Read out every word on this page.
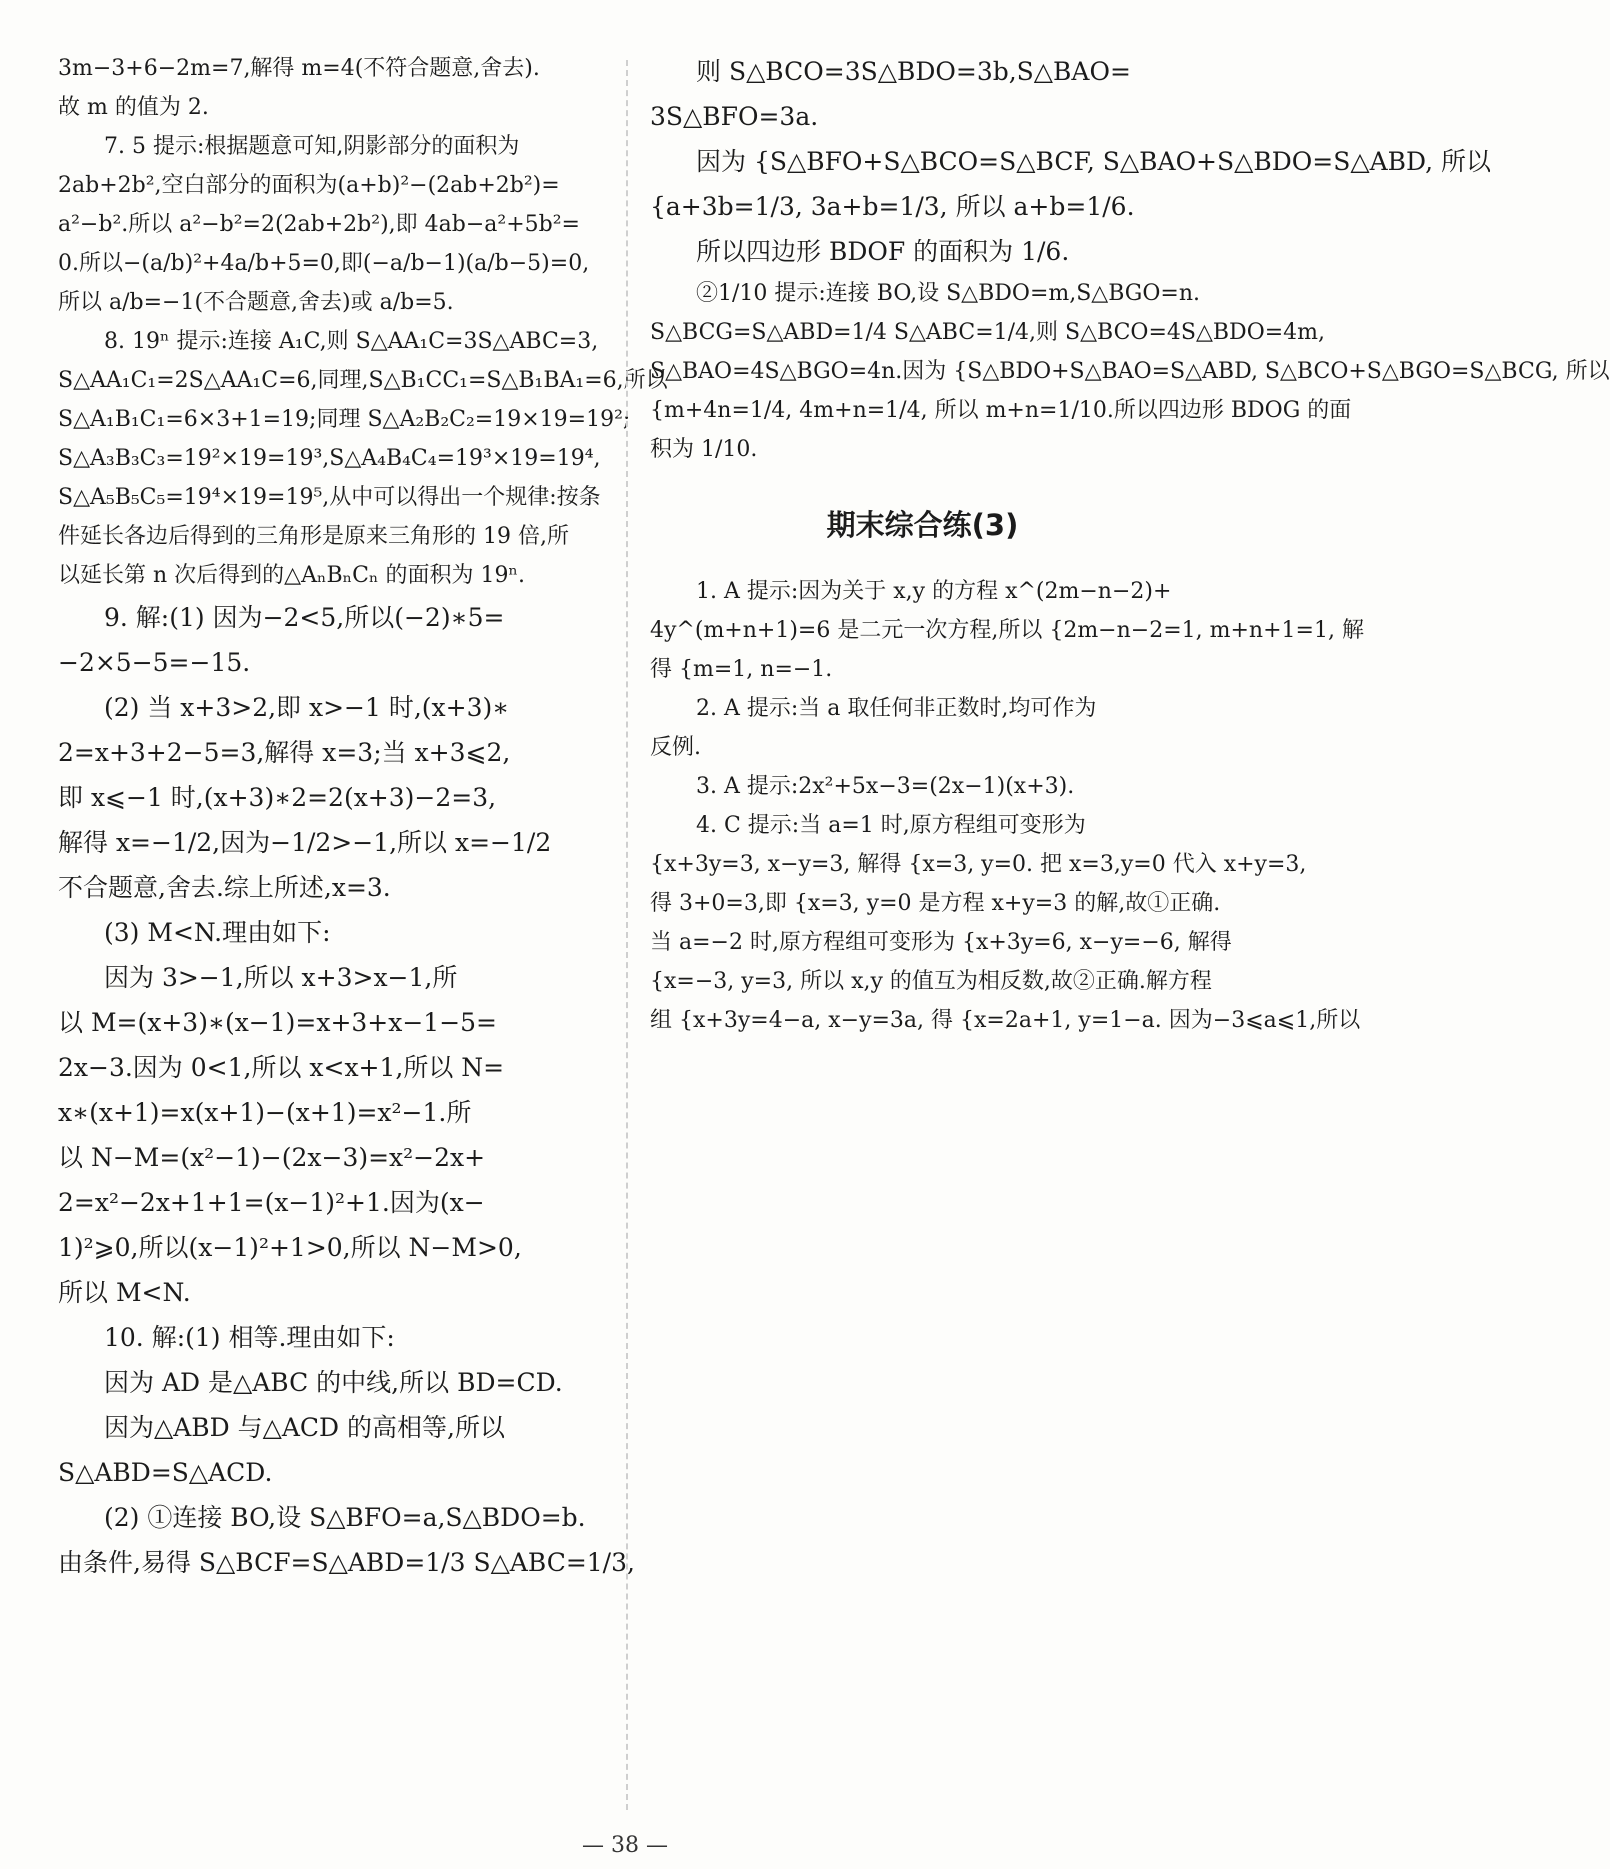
3m−3+6−2m=7,解得 m=4(不符合题意,舍去).
故 m 的值为 2.
7. 5 提示:根据题意可知,阴影部分的面积为
2ab+2b²,空白部分的面积为(a+b)²−(2ab+2b²)=
a²−b².所以 a²−b²=2(2ab+2b²),即 4ab−a²+5b²=
0.所以−(a/b)²+4a/b+5=0,即(−a/b−1)(a/b−5)=0,
所以 a/b=−1(不合题意,舍去)或 a/b=5.
8. 19ⁿ 提示:连接 A₁C,则 S△AA₁C=3S△ABC=3,
S△AA₁C₁=2S△AA₁C=6,同理,S△B₁CC₁=S△B₁BA₁=6,所以
S△A₁B₁C₁=6×3+1=19;同理 S△A₂B₂C₂=19×19=19²;
S△A₃B₃C₃=19²×19=19³,S△A₄B₄C₄=19³×19=19⁴,
S△A₅B₅C₅=19⁴×19=19⁵,从中可以得出一个规律:按条
件延长各边后得到的三角形是原来三角形的 19 倍,所
以延长第 n 次后得到的△AₙBₙCₙ 的面积为 19ⁿ.
9. 解:(1) 因为−2<5,所以(−2)∗5=
−2×5−5=−15.
(2) 当 x+3>2,即 x>−1 时,(x+3)∗
2=x+3+2−5=3,解得 x=3;当 x+3⩽2,
即 x⩽−1 时,(x+3)∗2=2(x+3)−2=3,
解得 x=−1/2,因为−1/2>−1,所以 x=−1/2
不合题意,舍去.综上所述,x=3.
(3) M<N.理由如下:
因为 3>−1,所以 x+3>x−1,所
以 M=(x+3)∗(x−1)=x+3+x−1−5=
2x−3.因为 0<1,所以 x<x+1,所以 N=
x∗(x+1)=x(x+1)−(x+1)=x²−1.所
以 N−M=(x²−1)−(2x−3)=x²−2x+
2=x²−2x+1+1=(x−1)²+1.因为(x−
1)²⩾0,所以(x−1)²+1>0,所以 N−M>0,
所以 M<N.
10. 解:(1) 相等.理由如下:
因为 AD 是△ABC 的中线,所以 BD=CD.
因为△ABD 与△ACD 的高相等,所以
S△ABD=S△ACD.
(2) ①连接 BO,设 S△BFO=a,S△BDO=b.
由条件,易得 S△BCF=S△ABD=1/3 S△ABC=1/3,
则 S△BCO=3S△BDO=3b,S△BAO=
3S△BFO=3a.
因为 {S△BFO+S△BCO=S△BCF, S△BAO+S△BDO=S△ABD, 所以
{a+3b=1/3, 3a+b=1/3, 所以 a+b=1/6.
所以四边形 BDOF 的面积为 1/6.
②1/10 提示:连接 BO,设 S△BDO=m,S△BGO=n.
S△BCG=S△ABD=1/4 S△ABC=1/4,则 S△BCO=4S△BDO=4m,
S△BAO=4S△BGO=4n.因为 {S△BDO+S△BAO=S△ABD, S△BCO+S△BGO=S△BCG, 所以
{m+4n=1/4, 4m+n=1/4, 所以 m+n=1/10.所以四边形 BDOG 的面
积为 1/10.
期末综合练(3)
1. A 提示:因为关于 x,y 的方程 x^(2m−n−2)+
4y^(m+n+1)=6 是二元一次方程,所以 {2m−n−2=1, m+n+1=1, 解
得 {m=1, n=−1.
2. A 提示:当 a 取任何非正数时,均可作为
反例.
3. A 提示:2x²+5x−3=(2x−1)(x+3).
4. C 提示:当 a=1 时,原方程组可变形为
{x+3y=3, x−y=3, 解得 {x=3, y=0. 把 x=3,y=0 代入 x+y=3,
得 3+0=3,即 {x=3, y=0 是方程 x+y=3 的解,故①正确.
当 a=−2 时,原方程组可变形为 {x+3y=6, x−y=−6, 解得
{x=−3, y=3, 所以 x,y 的值互为相反数,故②正确.解方程
组 {x+3y=4−a, x−y=3a, 得 {x=2a+1, y=1−a. 因为−3⩽a⩽1,所以
— 38 —
